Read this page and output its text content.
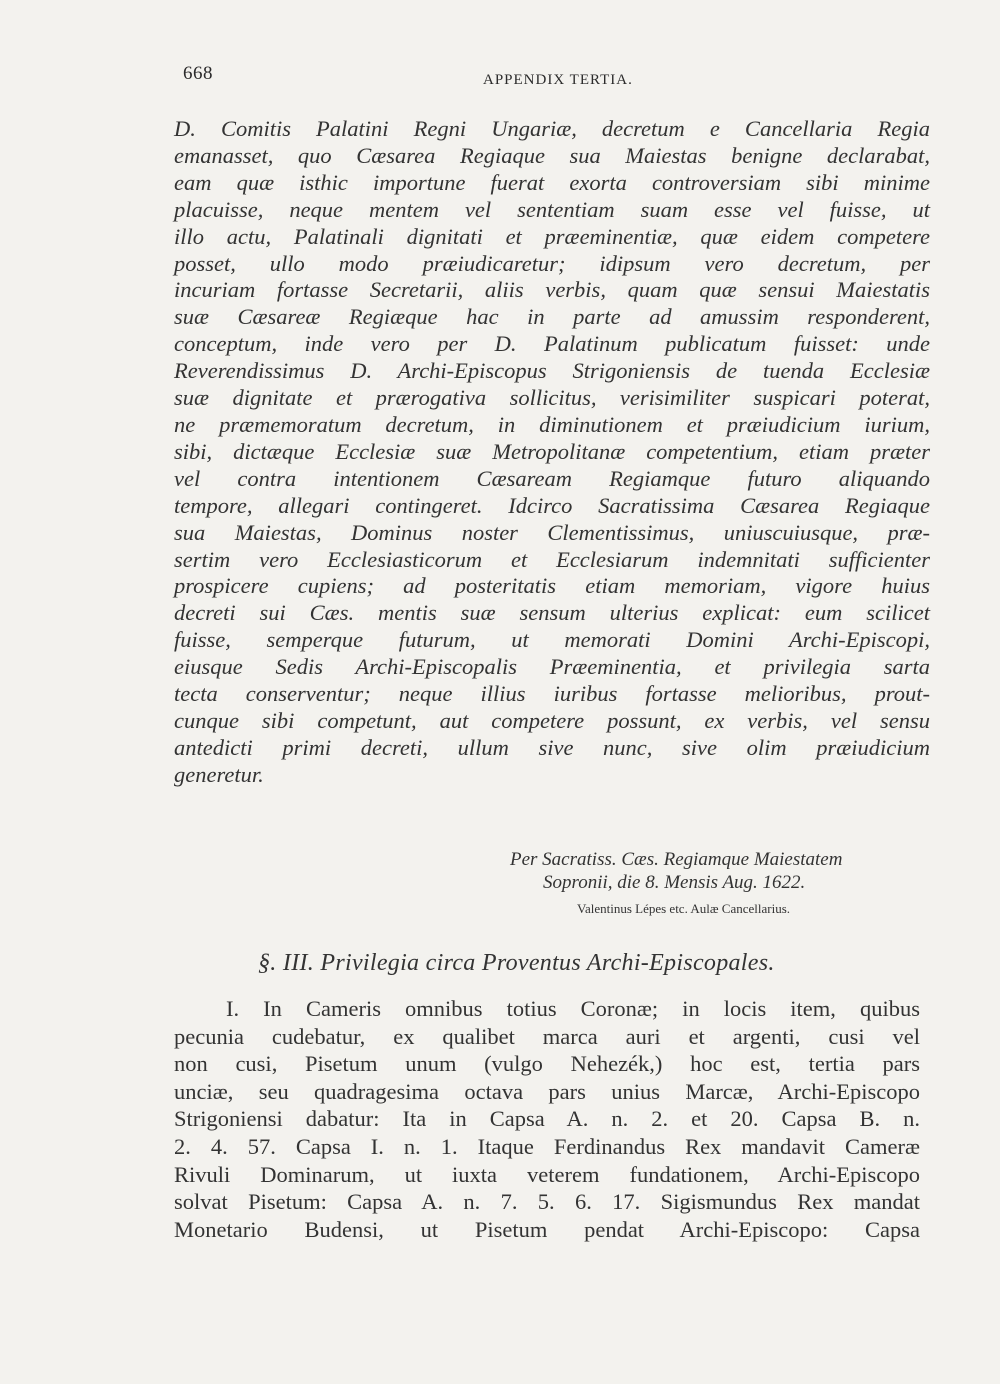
668	APPENDIX TERTIA.
D. Comitis Palatini Regni Ungariæ, decretum e Cancellaria Regia
emanasset, quo Cæsarea Regiaque sua Maiestas benigne declarabat,
eam quæ isthic importune fuerat exorta controversiam sibi minime
placuisse, neque mentem vel sententiam suam esse vel fuisse, ut
illo actu, Palatinali dignitati et præeminentiæ, quæ eidem competere
posset, ullo modo præiudicaretur; idipsum vero decretum, per
incuriam fortasse Secretarii, aliis verbis, quam quæ sensui Maiestatis
suæ Cæsareæ Regiæque hac in parte ad amussim responderent,
conceptum, inde vero per D. Palatinum publicatum fuisset: unde
Reverendissimus D. Archi-Episcopus Strigoniensis de tuenda Ecclesiæ
suæ dignitate et prærogativa sollicitus, verisimiliter suspicari poterat,
ne præmemoratum decretum, in diminutionem et præiudicium iurium,
sibi, dictæque Ecclesiæ suæ Metropolitanæ competentium, etiam præter
vel contra intentionem Cæsaream Regiamque futuro aliquando
tempore, allegari contingeret. Idcirco Sacratissima Cæsarea Regiaque
sua Maiestas, Dominus noster Clementissimus, uniuscuiusque, præ-
sertim vero Ecclesiasticorum et Ecclesiarum indemnitati sufficienter
prospicere cupiens; ad posteritatis etiam memoriam, vigore huius
decreti sui Cæs. mentis suæ sensum ulterius explicat: eum scilicet
fuisse, semperque futurum, ut memorati Domini Archi-Episcopi,
eiusque Sedis Archi-Episcopalis Præeminentia, et privilegia sarta
tecta conserventur; neque illius iuribus fortasse melioribus, prout-
cunque sibi competunt, aut competere possunt, ex verbis, vel sensu
antedicti primi decreti, ullum sive nunc, sive olim præiudicium
generetur.
Per Sacratiss. Cæs. Regiamque Maiestatem
Sopronii, die 8. Mensis Aug. 1622.
Valentinus Lépes etc. Aulæ Cancellarius.
§. III. Privilegia circa Proventus Archi-Episcopales.
I. In Cameris omnibus totius Coronæ; in locis item, quibus
pecunia cudebatur, ex qualibet marca auri et argenti, cusi vel
non cusi, Pisetum unum (vulgo Nehezék,) hoc est, tertia pars
unciæ, seu quadragesima octava pars unius Marcæ, Archi-Episcopo
Strigoniensi dabatur: Ita in Capsa A. n. 2. et 20. Capsa B. n.
2. 4. 57. Capsa I. n. 1. Itaque Ferdinandus Rex mandavit Cameræ
Rivuli Dominarum, ut iuxta veterem fundationem, Archi-Episcopo
solvat Pisetum: Capsa A. n. 7. 5. 6. 17. Sigismundus Rex mandat
Monetario Budensi, ut Pisetum pendat Archi-Episcopo: Capsa
